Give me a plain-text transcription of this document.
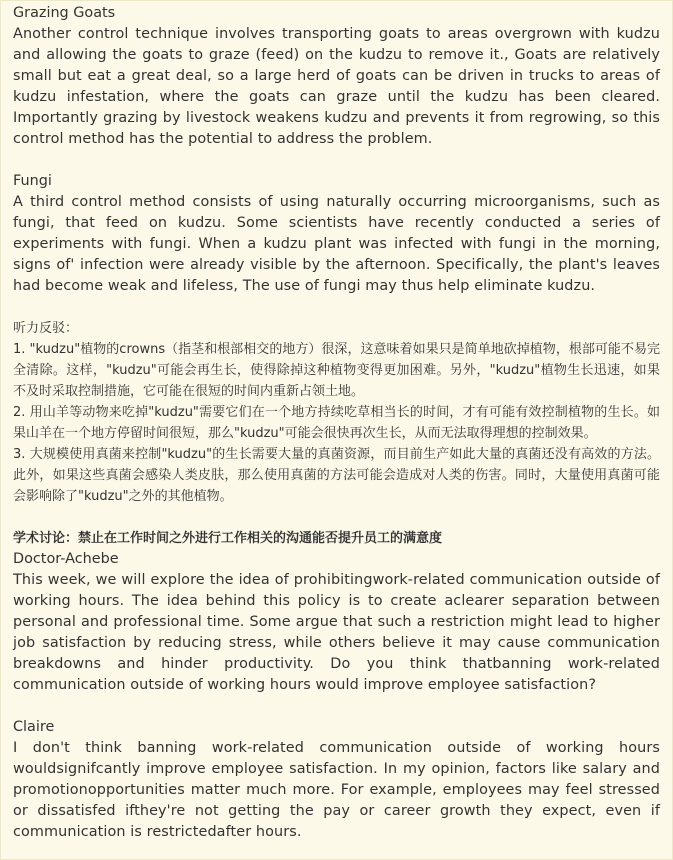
Grazing Goats

Another control technique involves transporting goats to areas overgrown with kudzu and allowing the goats to graze (feed) on the kudzu to remove it., Goats are relatively small but eat a great deal, so a large herd of goats can be driven in trucks to areas of kudzu infestation, where the goats can graze until the kudzu has been cleared. Importantly grazing by livestock weakens kudzu and prevents it from regrowing, so this control method has the potential to address the problem.

Fungi

A third control method consists of using naturally occurring microorganisms, such as fungi, that feed on kudzu. Some scientists have recently conducted a series of experiments with fungi. When a kudzu plant was infected with fungi in the morning, signs of' infection were already visible by the afternoon. Specifically, the plant's leaves had become weak and lifeless, The use of fungi may thus help eliminate kudzu.

听力反驳：

1. "kudzu"植物的crowns（指茎和根部相交的地方）很深，这意味着如果只是简单地砍掉植物，根部可能不易完全清除。这样，"kudzu"可能会再生长，使得除掉这种植物变得更加困难。另外，"kudzu"植物生长迅速，如果不及时采取控制措施，它可能在很短的时间内重新占领土地。

2. 用山羊等动物来吃掉"kudzu"需要它们在一个地方持续吃草相当长的时间，才有可能有效控制植物的生长。如果山羊在一个地方停留时间很短，那么"kudzu"可能会很快再次生长，从而无法取得理想的控制效果。

3. 大规模使用真菌来控制"kudzu"的生长需要大量的真菌资源，而目前生产如此大量的真菌还没有高效的方法。此外，如果这些真菌会感染人类皮肤，那么使用真菌的方法可能会造成对人类的伤害。同时，大量使用真菌可能会影响除了"kudzu"之外的其他植物。

学术讨论：禁止在工作时间之外进行工作相关的沟通能否提升员工的满意度

Doctor-Achebe

This week, we will explore the idea of prohibitingwork-related communication outside of working hours. The idea behind this policy is to create aclearer separation between personal and professional time. Some argue that such a restriction might lead to higher job satisfaction by reducing stress, while others believe it may cause communication breakdowns and hinder productivity. Do you think thatbanning work-related communication outside of working hours would improve employee satisfaction?

Claire

I don't think banning work-related communication outside of working hours wouldsignifcantly improve employee satisfaction. In my opinion, factors like salary and promotionopportunities matter much more. For example, employees may feel stressed or dissatisfed ifthey're not getting the pay or career growth they expect, even if communication is restrictedafter hours.
